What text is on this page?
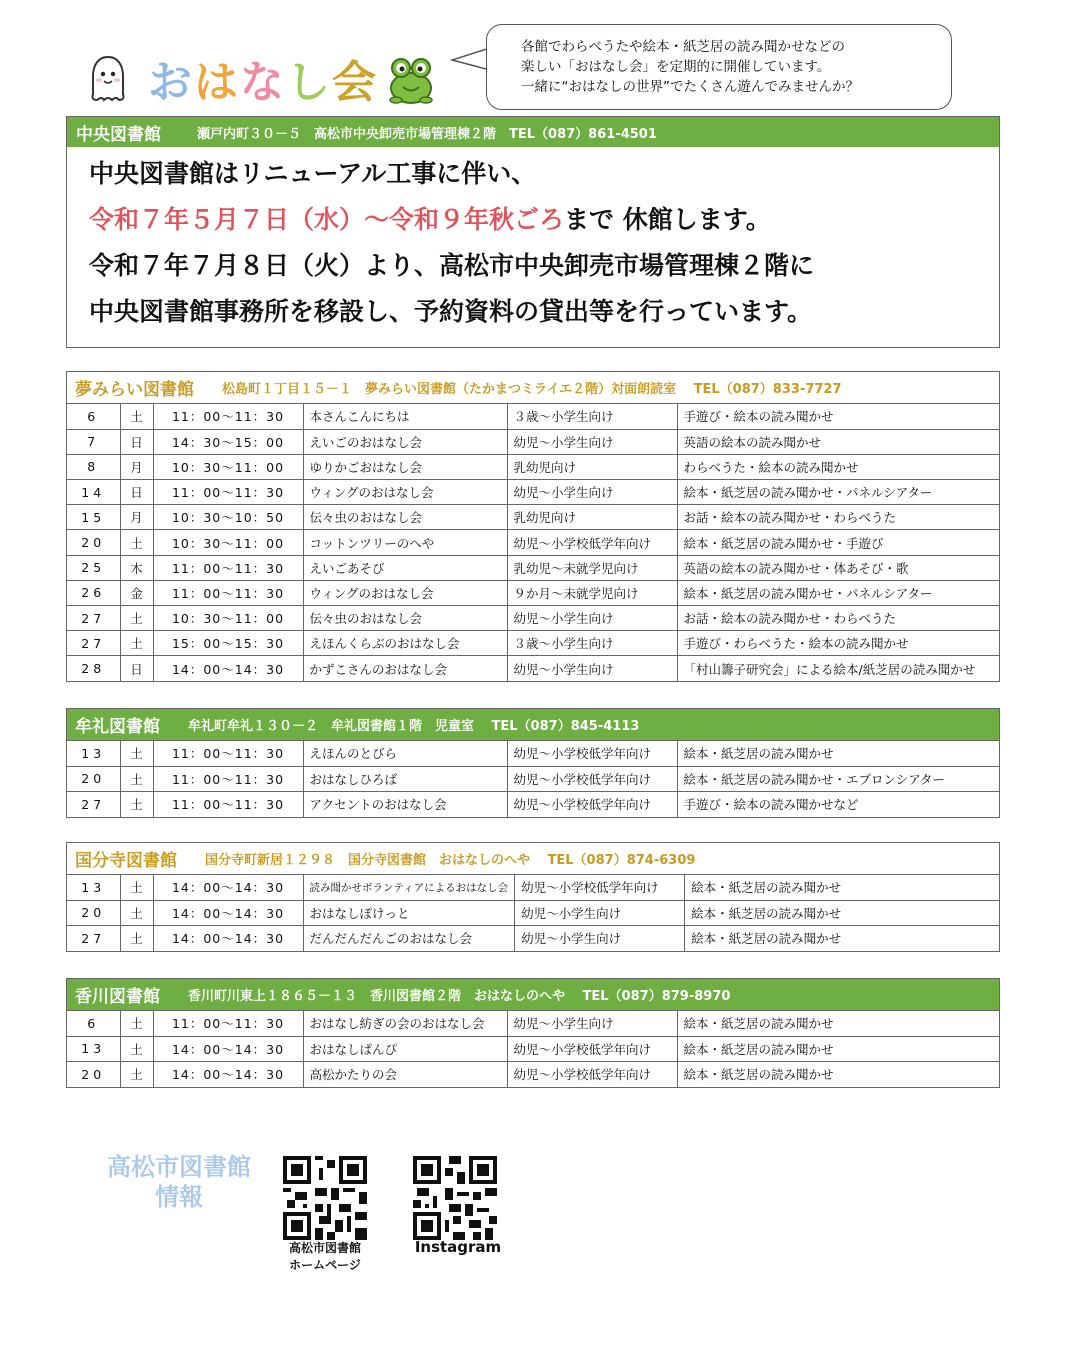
おはなし会
各館でわらべうたや絵本・紙芝居の読み聞かせなどの
楽しい「おはなし会」を定期的に開催しています。
一緒に“おはなしの世界”でたくさん遊んでみませんか？
中央図書館	瀬戸内町３０－５　高松市中央卸売市場管理棟２階　TEL（087）861-4501
中央図書館はリニューアル工事に伴い、
令和７年５月７日（水）～令和９年秋ごろまで 休館します。
令和７年７月８日（火）より、高松市中央卸売市場管理棟２階に
中央図書館事務所を移設し、予約資料の貸出等を行っています。
夢みらい図書館 松島町１丁目１５－１　夢みらい図書館（たかまつミライエ２階）対面朗読室　 TEL（087）833-7727
6	土	11：00～11：30	本さんこんにちは	３歳～小学生向け	手遊び・絵本の読み聞かせ
7	日	14：30～15：00	えいごのおはなし会	幼児～小学生向け	英語の絵本の読み聞かせ
8	月	10：30～11：00	ゆりかごおはなし会	乳幼児向け	わらべうた・絵本の読み聞かせ
14	日	11：00～11：30	ウィングのおはなし会	幼児～小学生向け	絵本・紙芝居の読み聞かせ・パネルシアター
15	月	10：30～10：50	伝々虫のおはなし会	乳幼児向け	お話・絵本の読み聞かせ・わらべうた
20	土	10：30～11：00	コットンツリーのへや	幼児～小学校低学年向け	絵本・紙芝居の読み聞かせ・手遊び
25	木	11：00～11：30	えいごあそび	乳幼児～未就学児向け	英語の絵本の読み聞かせ・体あそび・歌
26	金	11：00～11：30	ウィングのおはなし会	９か月～未就学児向け	絵本・紙芝居の読み聞かせ・パネルシアター
27	土	10：30～11：00	伝々虫のおはなし会	幼児～小学生向け	お話・絵本の読み聞かせ・わらべうた
27	土	15：00～15：30	えほんくらぶのおはなし会	３歳～小学生向け	手遊び・わらべうた・絵本の読み聞かせ
28	日	14：00～14：30	かずこさんのおはなし会	幼児～小学生向け	「村山籌子研究会」による絵本/紙芝居の読み聞かせ
牟礼図書館 牟礼町牟礼１３０－２　牟礼図書館１階　児童室　 TEL（087）845-4113
13	土	11：00～11：30	えほんのとびら	幼児～小学校低学年向け	絵本・紙芝居の読み聞かせ
20	土	11：00～11：30	おはなしひろば	幼児～小学校低学年向け	絵本・紙芝居の読み聞かせ・エプロンシアター
27	土	11：00～11：30	アクセントのおはなし会	幼児～小学校低学年向け	手遊び・絵本の読み聞かせなど
国分寺図書館 国分寺町新居１２９８　国分寺図書館　おはなしのへや　 TEL（087）874-6309
13	土	14：00～14：30	読み聞かせボランティアによるおはなし会	幼児～小学校低学年向け	絵本・紙芝居の読み聞かせ
20	土	14：00～14：30	おはなしぽけっと	幼児～小学生向け	絵本・紙芝居の読み聞かせ
27	土	14：00～14：30	だんだんだんごのおはなし会	幼児～小学生向け	絵本・紙芝居の読み聞かせ
香川図書館 香川町川東上１８６５－１３　香川図書館２階　おはなしのへや　 TEL（087）879-8970
6	土	11：00～11：30	おはなし紡ぎの会のおはなし会	幼児～小学生向け	絵本・紙芝居の読み聞かせ
13	土	14：00～14：30	おはなしぱんぴ	幼児～小学校低学年向け	絵本・紙芝居の読み聞かせ
20	土	14：00～14：30	高松かたりの会	幼児～小学校低学年向け	絵本・紙芝居の読み聞かせ
高松市図書館
情報
高松市図書館
ホームページ
Instagram
